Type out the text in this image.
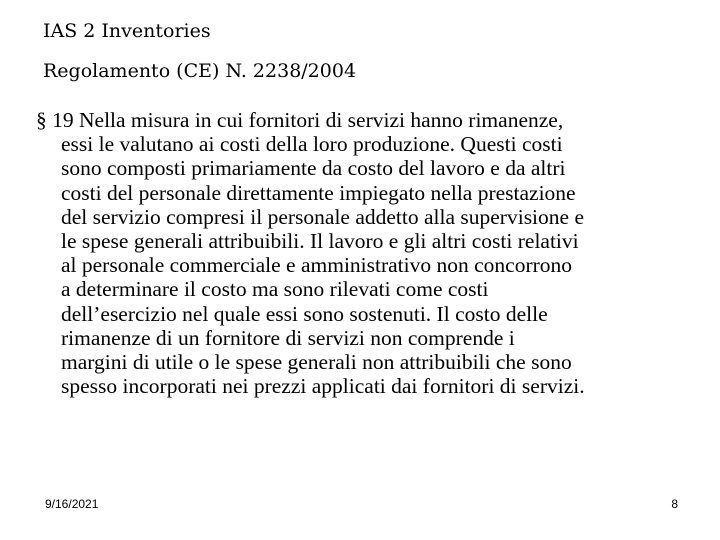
IAS 2 Inventories
Regolamento (CE) N. 2238/2004
§ 19 Nella misura in cui fornitori di servizi hanno rimanenze,
essi le valutano ai costi della loro produzione. Questi costi
sono composti primariamente da costo del lavoro e da altri
costi del personale direttamente impiegato nella prestazione
del servizio compresi il personale addetto alla supervisione e
le spese generali attribuibili. Il lavoro e gli altri costi relativi
al personale commerciale e amministrativo non concorrono
a determinare il costo ma sono rilevati come costi
dell’esercizio nel quale essi sono sostenuti. Il costo delle
rimanenze di un fornitore di servizi non comprende i
margini di utile o le spese generali non attribuibili che sono
spesso incorporati nei prezzi applicati dai fornitori di servizi.
9/16/2021	8
